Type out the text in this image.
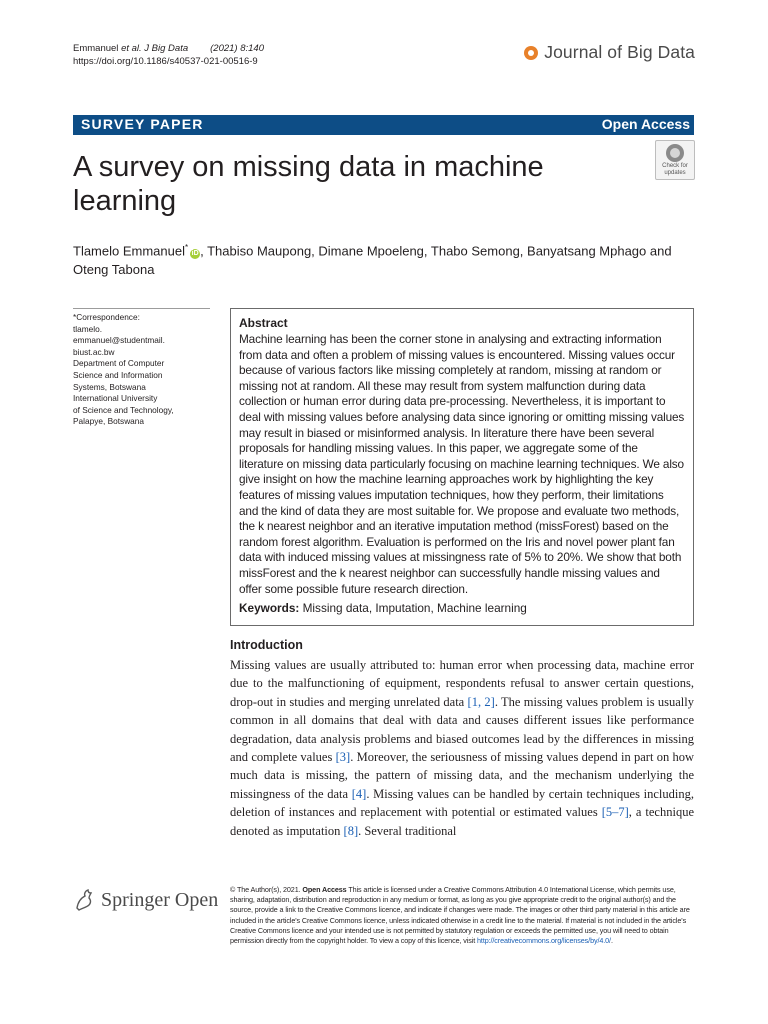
Emmanuel et al. J Big Data (2021) 8:140
https://doi.org/10.1186/s40537-021-00516-9	Journal of Big Data
SURVEY PAPER	Open Access
A survey on missing data in machine learning
Check for
updates
Tlamelo Emmanuel*iD , Thabiso Maupong, Dimane Mpoeleng, Thabo Semong, Banyatsang Mphago and Oteng Tabona
*Correspondence:
tlamelo.
emmanuel@studentmail.
biust.ac.bw
Department of Computer
Science and Information
Systems, Botswana
International University
of Science and Technology,
Palapye, Botswana
Abstract
Machine learning has been the corner stone in analysing and extracting information from data and often a problem of missing values is encountered. Missing values occur because of various factors like missing completely at random, missing at random or missing not at random. All these may result from system malfunction during data collection or human error during data pre-processing. Nevertheless, it is important to deal with missing values before analysing data since ignoring or omitting missing values may result in biased or misinformed analysis. In literature there have been several proposals for handling missing values. In this paper, we aggregate some of the literature on missing data particularly focusing on machine learning techniques. We also give insight on how the machine learning approaches work by highlighting the key features of missing values imputation techniques, how they perform, their limitations and the kind of data they are most suitable for. We propose and evaluate two methods, the k nearest neighbor and an iterative imputation method (missForest) based on the random forest algorithm. Evaluation is performed on the Iris and novel power plant fan data with induced missing values at missingness rate of 5% to 20%. We show that both missForest and the k nearest neighbor can successfully handle missing values and offer some possible future research direction.
Keywords: Missing data, Imputation, Machine learning
Introduction
Missing values are usually attributed to: human error when processing data, machine error due to the malfunctioning of equipment, respondents refusal to answer certain questions, drop-out in studies and merging unrelated data [1, 2]. The missing values problem is usually common in all domains that deal with data and causes different issues like performance degradation, data analysis problems and biased outcomes lead by the differences in missing and complete values [3]. Moreover, the seriousness of missing values depend in part on how much data is missing, the pattern of missing data, and the mechanism underlying the missingness of the data [4]. Missing values can be handled by certain techniques including, deletion of instances and replacement with potential or estimated values [5–7], a technique denoted as imputation [8]. Several traditional
Springer Open © The Author(s), 2021. Open Access This article is licensed under a Creative Commons Attribution 4.0 International License, which permits use, sharing, adaptation, distribution and reproduction in any medium or format, as long as you give appropriate credit to the original author(s) and the source, provide a link to the Creative Commons licence, and indicate if changes were made. The images or other third party material in this article are included in the article's Creative Commons licence, unless indicated otherwise in a credit line to the material. If material is not included in the article's Creative Commons licence and your intended use is not permitted by statutory regulation or exceeds the permitted use, you will need to obtain permission directly from the copyright holder. To view a copy of this licence, visit http://creativecommons.org/licenses/by/4.0/.
